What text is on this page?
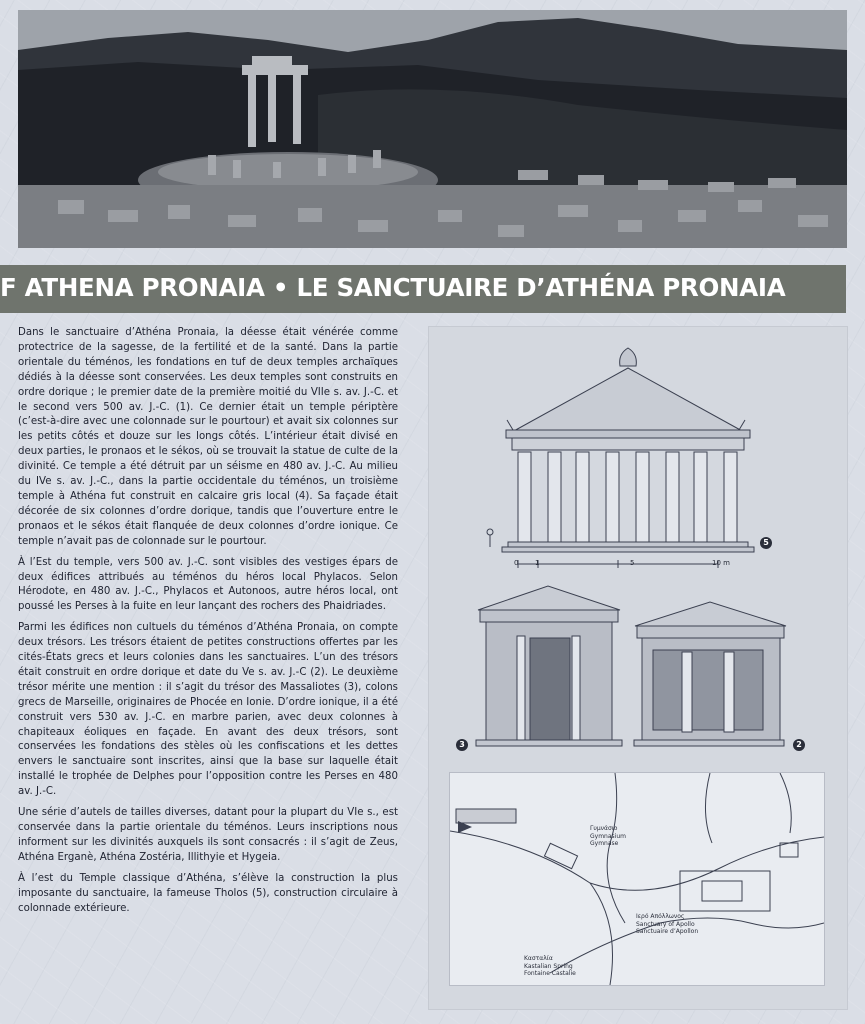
F ATHENA PRONAIA • LE SANCTUAIRE D’ATHÉNA PRONAIA

Dans le sanctuaire d’Athéna Pronaia, la déesse était vénérée comme protectrice de la sagesse, de la fertilité et de la santé. Dans la partie orientale du téménos, les fondations en tuf de deux temples archaïques dédiés à la déesse sont conservées. Les deux temples sont construits en ordre dorique ; le premier date de la première moitié du VIIe s. av. J.-C. et le second vers 500 av. J.-C. (1). Ce dernier était un temple périptère (c’est-à-dire avec une colonnade sur le pourtour) et avait six colonnes sur les petits côtés et douze sur les longs côtés. L’intérieur était divisé en deux parties, le pronaos et le sékos, où se trouvait la statue de culte de la divinité. Ce temple a été détruit par un séisme en 480 av. J.-C. Au milieu du IVe s. av. J.-C., dans la partie occidentale du téménos, un troisième temple à Athéna fut construit en calcaire gris local (4). Sa façade était décorée de six colonnes d’ordre dorique, tandis que l’ouverture entre le pronaos et le sékos était flanquée de deux colonnes d’ordre ionique. Ce temple n’avait pas de colonnade sur le pourtour.

À l’Est du temple, vers 500 av. J.-C. sont visibles des vestiges épars de deux édifices attribués au téménos du héros local Phylacos. Selon Hérodote, en 480 av. J.-C., Phylacos et Autonoos, autre héros local, ont poussé les Perses à la fuite en leur lançant des rochers des Phaidriades.

Parmi les édifices non cultuels du téménos d’Athéna Pronaia, on compte deux trésors. Les trésors étaient de petites constructions offertes par les cités-États grecs et leurs colonies dans les sanctuaires. L’un des trésors était construit en ordre dorique et date du Ve s. av. J.-C (2). Le deuxième trésor mérite une mention : il s’agit du trésor des Massaliotes (3), colons grecs de Marseille, originaires de Phocée en Ionie. D’ordre ionique, il a été construit vers 530 av. J.-C. en marbre parien, avec deux colonnes à chapiteaux éoliques en façade. En avant des deux trésors, sont conservées les fondations des stèles où les confiscations et les dettes envers le sanctuaire sont inscrites, ainsi que la base sur laquelle était installé le trophée de Delphes pour l’opposition contre les Perses en 480 av. J.-C.

Une série d’autels de tailles diverses, datant pour la plupart du VIe s., est conservée dans la partie orientale du téménos. Leurs inscriptions nous informent sur les divinités auxquels ils sont consacrés : il s’agit de Zeus, Athéna Erganè, Athéna Zostéria, Illithyie et Hygeia.

À l’est du Temple classique d’Athéna, s’élève la construction la plus imposante du sanctuaire, la fameuse Tholos (5), construction circulaire à colonnade extérieure.

5
0 1	5	10 m
3	2
Γυμνάσιο
Gymnasium
Gymnase
Ιερό Απόλλωνος
Sanctuary of Apollo
Sanctuaire d’Apollon
Κασταλία
Kastalian Spring
Fontaine Castalie
